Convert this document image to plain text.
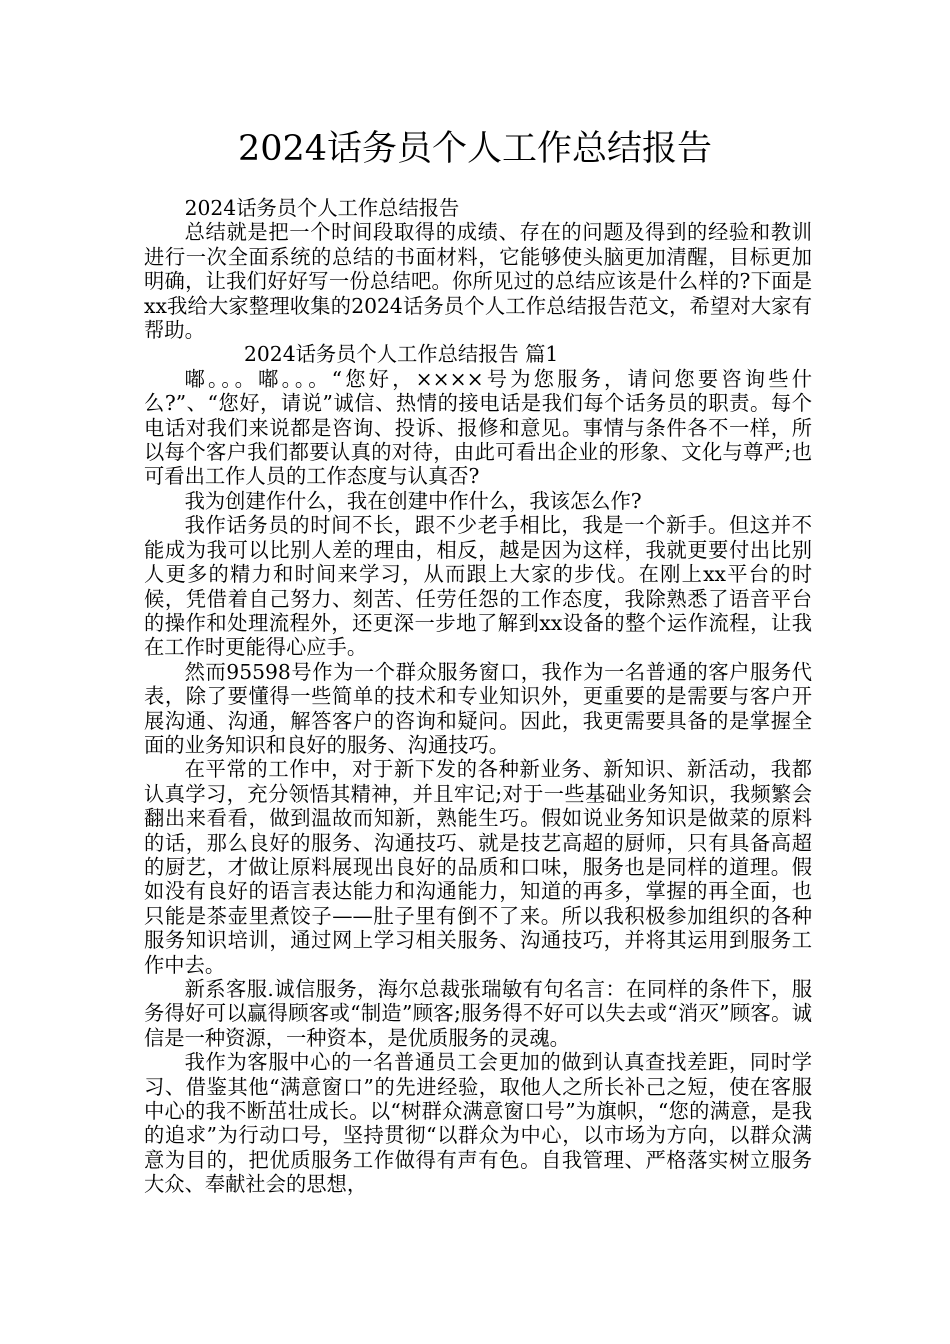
2024话务员个人工作总结报告

2024话务员个人工作总结报告

总结就是把一个时间段取得的成绩、存在的问题及得到的经验和教训进行一次全面系统的总结的书面材料，它能够使头脑更加清醒，目标更加明确，让我们好好写一份总结吧。你所见过的总结应该是什么样的?下面是xx我给大家整理收集的2024话务员个人工作总结报告范文，希望对大家有帮助。

2024话务员个人工作总结报告 篇1

嘟。。。嘟。。。“您好，××××号为您服务，请问您要咨询些什么?”、“您好，请说”诚信、热情的接电话是我们每个话务员的职责。每个电话对我们来说都是咨询、投诉、报修和意见。事情与条件各不一样，所以每个客户我们都要认真的对待，由此可看出企业的形象、文化与尊严;也可看出工作人员的工作态度与认真否?

我为创建作什么，我在创建中作什么，我该怎么作?

我作话务员的时间不长，跟不少老手相比，我是一个新手。但这并不能成为我可以比别人差的理由，相反，越是因为这样，我就更要付出比别人更多的精力和时间来学习，从而跟上大家的步伐。在刚上xx平台的时候，凭借着自己努力、刻苦、任劳任怨的工作态度，我除熟悉了语音平台的操作和处理流程外，还更深一步地了解到xx设备的整个运作流程，让我在工作时更能得心应手。

然而95598号作为一个群众服务窗口，我作为一名普通的客户服务代表，除了要懂得一些简单的技术和专业知识外，更重要的是需要与客户开展沟通、沟通，解答客户的咨询和疑问。因此，我更需要具备的是掌握全面的业务知识和良好的服务、沟通技巧。

在平常的工作中，对于新下发的各种新业务、新知识、新活动，我都认真学习，充分领悟其精神，并且牢记;对于一些基础业务知识，我频繁会翻出来看看，做到温故而知新，熟能生巧。假如说业务知识是做菜的原料的话，那么良好的服务、沟通技巧、就是技艺高超的厨师，只有具备高超的厨艺，才做让原料展现出良好的品质和口味，服务也是同样的道理。假如没有良好的语言表达能力和沟通能力，知道的再多，掌握的再全面，也只能是茶壶里煮饺子——肚子里有倒不了来。所以我积极参加组织的各种服务知识培训，通过网上学习相关服务、沟通技巧，并将其运用到服务工作中去。

新系客服.诚信服务，海尔总裁张瑞敏有句名言：在同样的条件下，服务得好可以赢得顾客或“制造”顾客;服务得不好可以失去或“消灭”顾客。诚信是一种资源，一种资本，是优质服务的灵魂。

我作为客服中心的一名普通员工会更加的做到认真查找差距，同时学习、借鉴其他“满意窗口”的先进经验，取他人之所长补己之短，使在客服中心的我不断茁壮成长。以“树群众满意窗口号”为旗帜，“您的满意，是我的追求”为行动口号，坚持贯彻“以群众为中心，以市场为方向，以群众满意为目的，把优质服务工作做得有声有色。自我管理、严格落实树立服务大众、奉献社会的思想，
